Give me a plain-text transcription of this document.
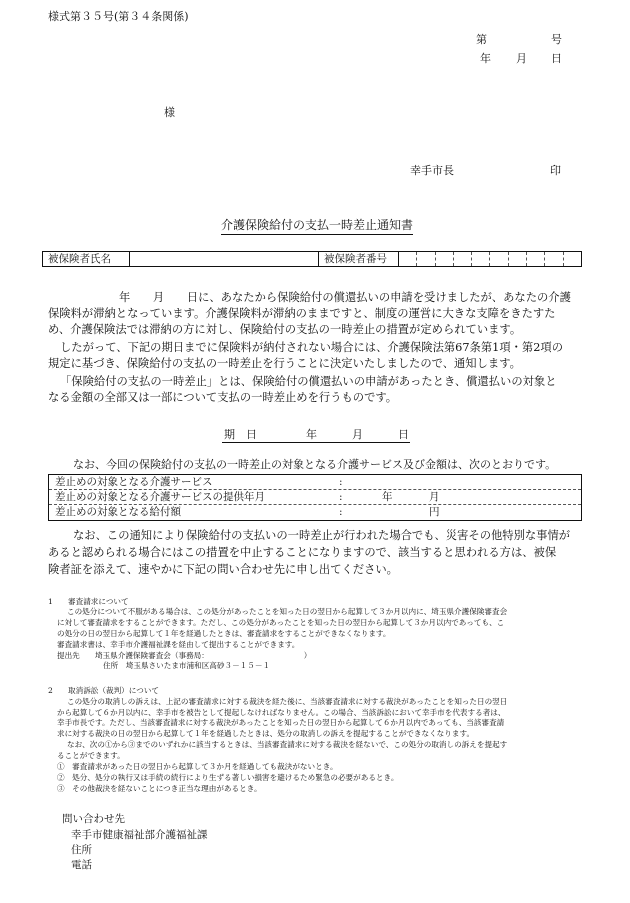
様式第３５号(第３４条関係)
第	号
年 月 日
様
幸手市長	印
介護保険給付の支払一時差止通知書
被保険者氏名	被保険者番号
年　　月　　日に、あなたから保険給付の償還払いの申請を受けましたが、あなたの介護
保険料が滞納となっています。介護保険料が滞納のままですと、制度の運営に大きな支障をきたすた
め、介護保険法では滞納の方に対し、保険給付の支払の一時差止の措置が定められています。
したがって、下記の期日までに保険料が納付されない場合には、介護保険法第67条第1項・第2項の
規定に基づき、保険給付の支払の一時差止を行うことに決定いたしましたので、通知します。
「保険給付の支払の一時差止」とは、保険給付の償還払いの申請があったとき、償還払いの対象と
なる金額の全部又は一部について支払の一時差止めを行うものです。
期　日	年	月	日
なお、今回の保険給付の支払の一時差止の対象となる介護サービス及び金額は、次のとおりです。
差止めの対象となる介護サービス	:
差止めの対象となる介護サービスの提供年月	:	年	月
差止めの対象となる給付額	:	円
なお、この通知により保険給付の支払いの一時差止が行われた場合でも、災害その他特別な事情が
あると認められる場合にはこの措置を中止することになりますので、該当すると思われる方は、被保
険者証を添えて、速やかに下記の問い合わせ先に申し出てください。
1　　審査請求について
この処分について不服がある場合は、この処分があったことを知った日の翌日から起算して３か月以内に、埼玉県介護保険審査会
に対して審査請求をすることができます。ただし、この処分があったことを知った日の翌日から起算して３か月以内であっても、こ
の処分の日の翌日から起算して１年を経過したときは、審査請求をすることができなくなります。
審査請求書は、幸手市介護福祉課を経由して提出することができます。
提出先　　埼玉県介護保険審査会（事務局：　　　　　　　　　　　　　）
住所　埼玉県さいたま市浦和区高砂３－１５－１
2　　取消訴訟（裁判）について
この処分の取消しの訴えは、上記の審査請求に対する裁決を経た後に、当該審査請求に対する裁決があったことを知った日の翌日
から起算して６か月以内に、幸手市を被告として提起しなければなりません。この場合、当該訴訟において幸手市を代表する者は、
幸手市長です。ただし、当該審査請求に対する裁決があったことを知った日の翌日から起算して６か月以内であっても、当該審査請
求に対する裁決の日の翌日から起算して１年を経過したときは、処分の取消しの訴えを提起することができなくなります。
なお、次の①から③までのいずれかに該当するときは、当該審査請求に対する裁決を経ないで、この処分の取消しの訴えを提起す
ることができます。
①　審査請求があった日の翌日から起算して３か月を経過しても裁決がないとき。
②　処分、処分の執行又は手続の続行により生ずる著しい損害を避けるため緊急の必要があるとき。
③　その他裁決を経ないことにつき正当な理由があるとき。
問い合わせ先
幸手市健康福祉部介護福祉課
住所
電話
